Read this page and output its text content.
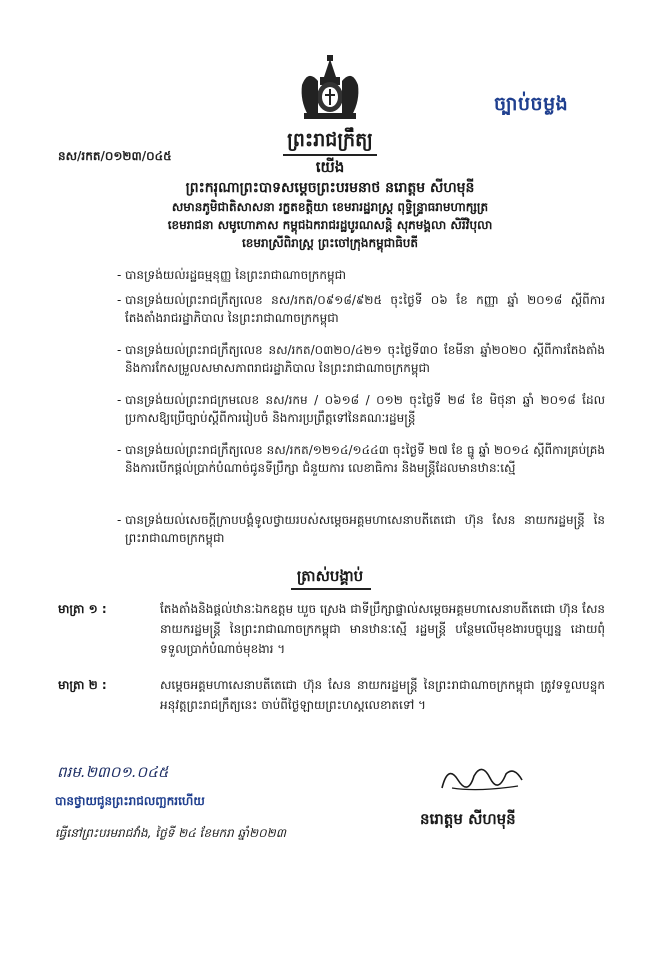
ច្បាប់ចម្លង
ព្រះរាជក្រឹត្យ
នស/រកត/០១២៣/០៤៥
យើង
ព្រះករុណាព្រះបាទសម្តេចព្រះបរមនាថ នរោត្តម សីហមុនី
សមានភូមិជាតិសាសនា រក្ខតខត្តិយា ខេមរារដ្ឋរាស្ត្រ ពុទ្ធិន្ទ្រាធរាមហាក្សត្រ
ខេមរាជនា សមូហោភាស កម្ពុជឯករាជរដ្ឋបូរណសន្តិ សុភមង្គលា សិរីវិបុលា
ខេមរាស្រីពិរាស្ត្រ ព្រះចៅក្រុងកម្ពុជាធិបតី
- បានទ្រង់យល់រដ្ឋធម្មនុញ្ញ នៃព្រះរាជាណាចក្រកម្ពុជា
- បានទ្រង់យល់ព្រះរាជក្រឹត្យលេខ នស/រកត/០៩១៨/៩២៥ ចុះថ្ងៃទី ០៦ ខែ កញ្ញា ឆ្នាំ ២០១៨ ស្តីពីការតែងតាំងរាជរដ្ឋាភិបាល នៃព្រះរាជាណាចក្រកម្ពុជា
- បានទ្រង់យល់ព្រះរាជក្រឹត្យលេខ នស/រកត/០៣២០/៤២១ ចុះថ្ងៃទី៣០ ខែមីនា ឆ្នាំ២០២០ ស្តីពីការតែងតាំង និងការកែសម្រួលសមាសភាពរាជរដ្ឋាភិបាល នៃព្រះរាជាណាចក្រកម្ពុជា
- បានទ្រង់យល់ព្រះរាជក្រមលេខ នស/រកម / ០៦១៨ / ០១២ ចុះថ្ងៃទី ២៨ ខែ មិថុនា ឆ្នាំ ២០១៨ ដែលប្រកាសឱ្យប្រើច្បាប់ស្តីពីការរៀបចំ និងការប្រព្រឹត្តទៅនៃគណៈរដ្ឋមន្ត្រី
- បានទ្រង់យល់ព្រះរាជក្រឹត្យលេខ នស/រកត/១២១៤/១៤៤៣ ចុះថ្ងៃទី ២៧ ខែ ធ្នូ ឆ្នាំ ២០១៤ ស្តីពីការគ្រប់គ្រង និងការបើកផ្តល់ប្រាក់បំណាច់ជូនទីប្រឹក្សា ជំនួយការ លេខាធិការ និងមន្ត្រីដែលមានឋានៈស្មើ
- បានទ្រង់យល់សេចក្តីក្រាបបង្គំទូលថ្វាយរបស់សម្តេចអគ្គមហាសេនាបតីតេជោ ហ៊ុន សែន នាយករដ្ឋមន្ត្រី នៃព្រះរាជាណាចក្រកម្ពុជា
ត្រាស់បង្គាប់
មាត្រា ១ :	តែងតាំងនិងផ្តល់ឋានៈឯកឧត្តម ឃួច ស្រេង ជាទីប្រឹក្សាផ្ទាល់សម្តេចអគ្គមហាសេនាបតីតេជោ ហ៊ុន សែន នាយករដ្ឋមន្ត្រី នៃព្រះរាជាណាចក្រកម្ពុជា មានឋានៈស្មើ រដ្ឋមន្ត្រី បន្ថែមលើមុខងារបច្ចុប្បន្ន ដោយពុំទទួលប្រាក់បំណាច់មុខងារ ។
មាត្រា ២ :	សម្តេចអគ្គមហាសេនាបតីតេជោ ហ៊ុន សែន នាយករដ្ឋមន្ត្រី នៃព្រះរាជាណាចក្រកម្ពុជា ត្រូវទទួលបន្ទុកអនុវត្តព្រះរាជក្រឹត្យនេះ ចាប់ពីថ្ងៃឡាយព្រះហស្តលេខាតទៅ ។
ពរម.២៣០១.០៤៥
បានថ្វាយជូនព្រះរាជលញ្ឆករហើយ
ធ្វើនៅព្រះបរមរាជវាំង, ថ្ងៃទី ២៤ ខែមករា ឆ្នាំ២០២៣
នរោត្តម សីហមុនី
